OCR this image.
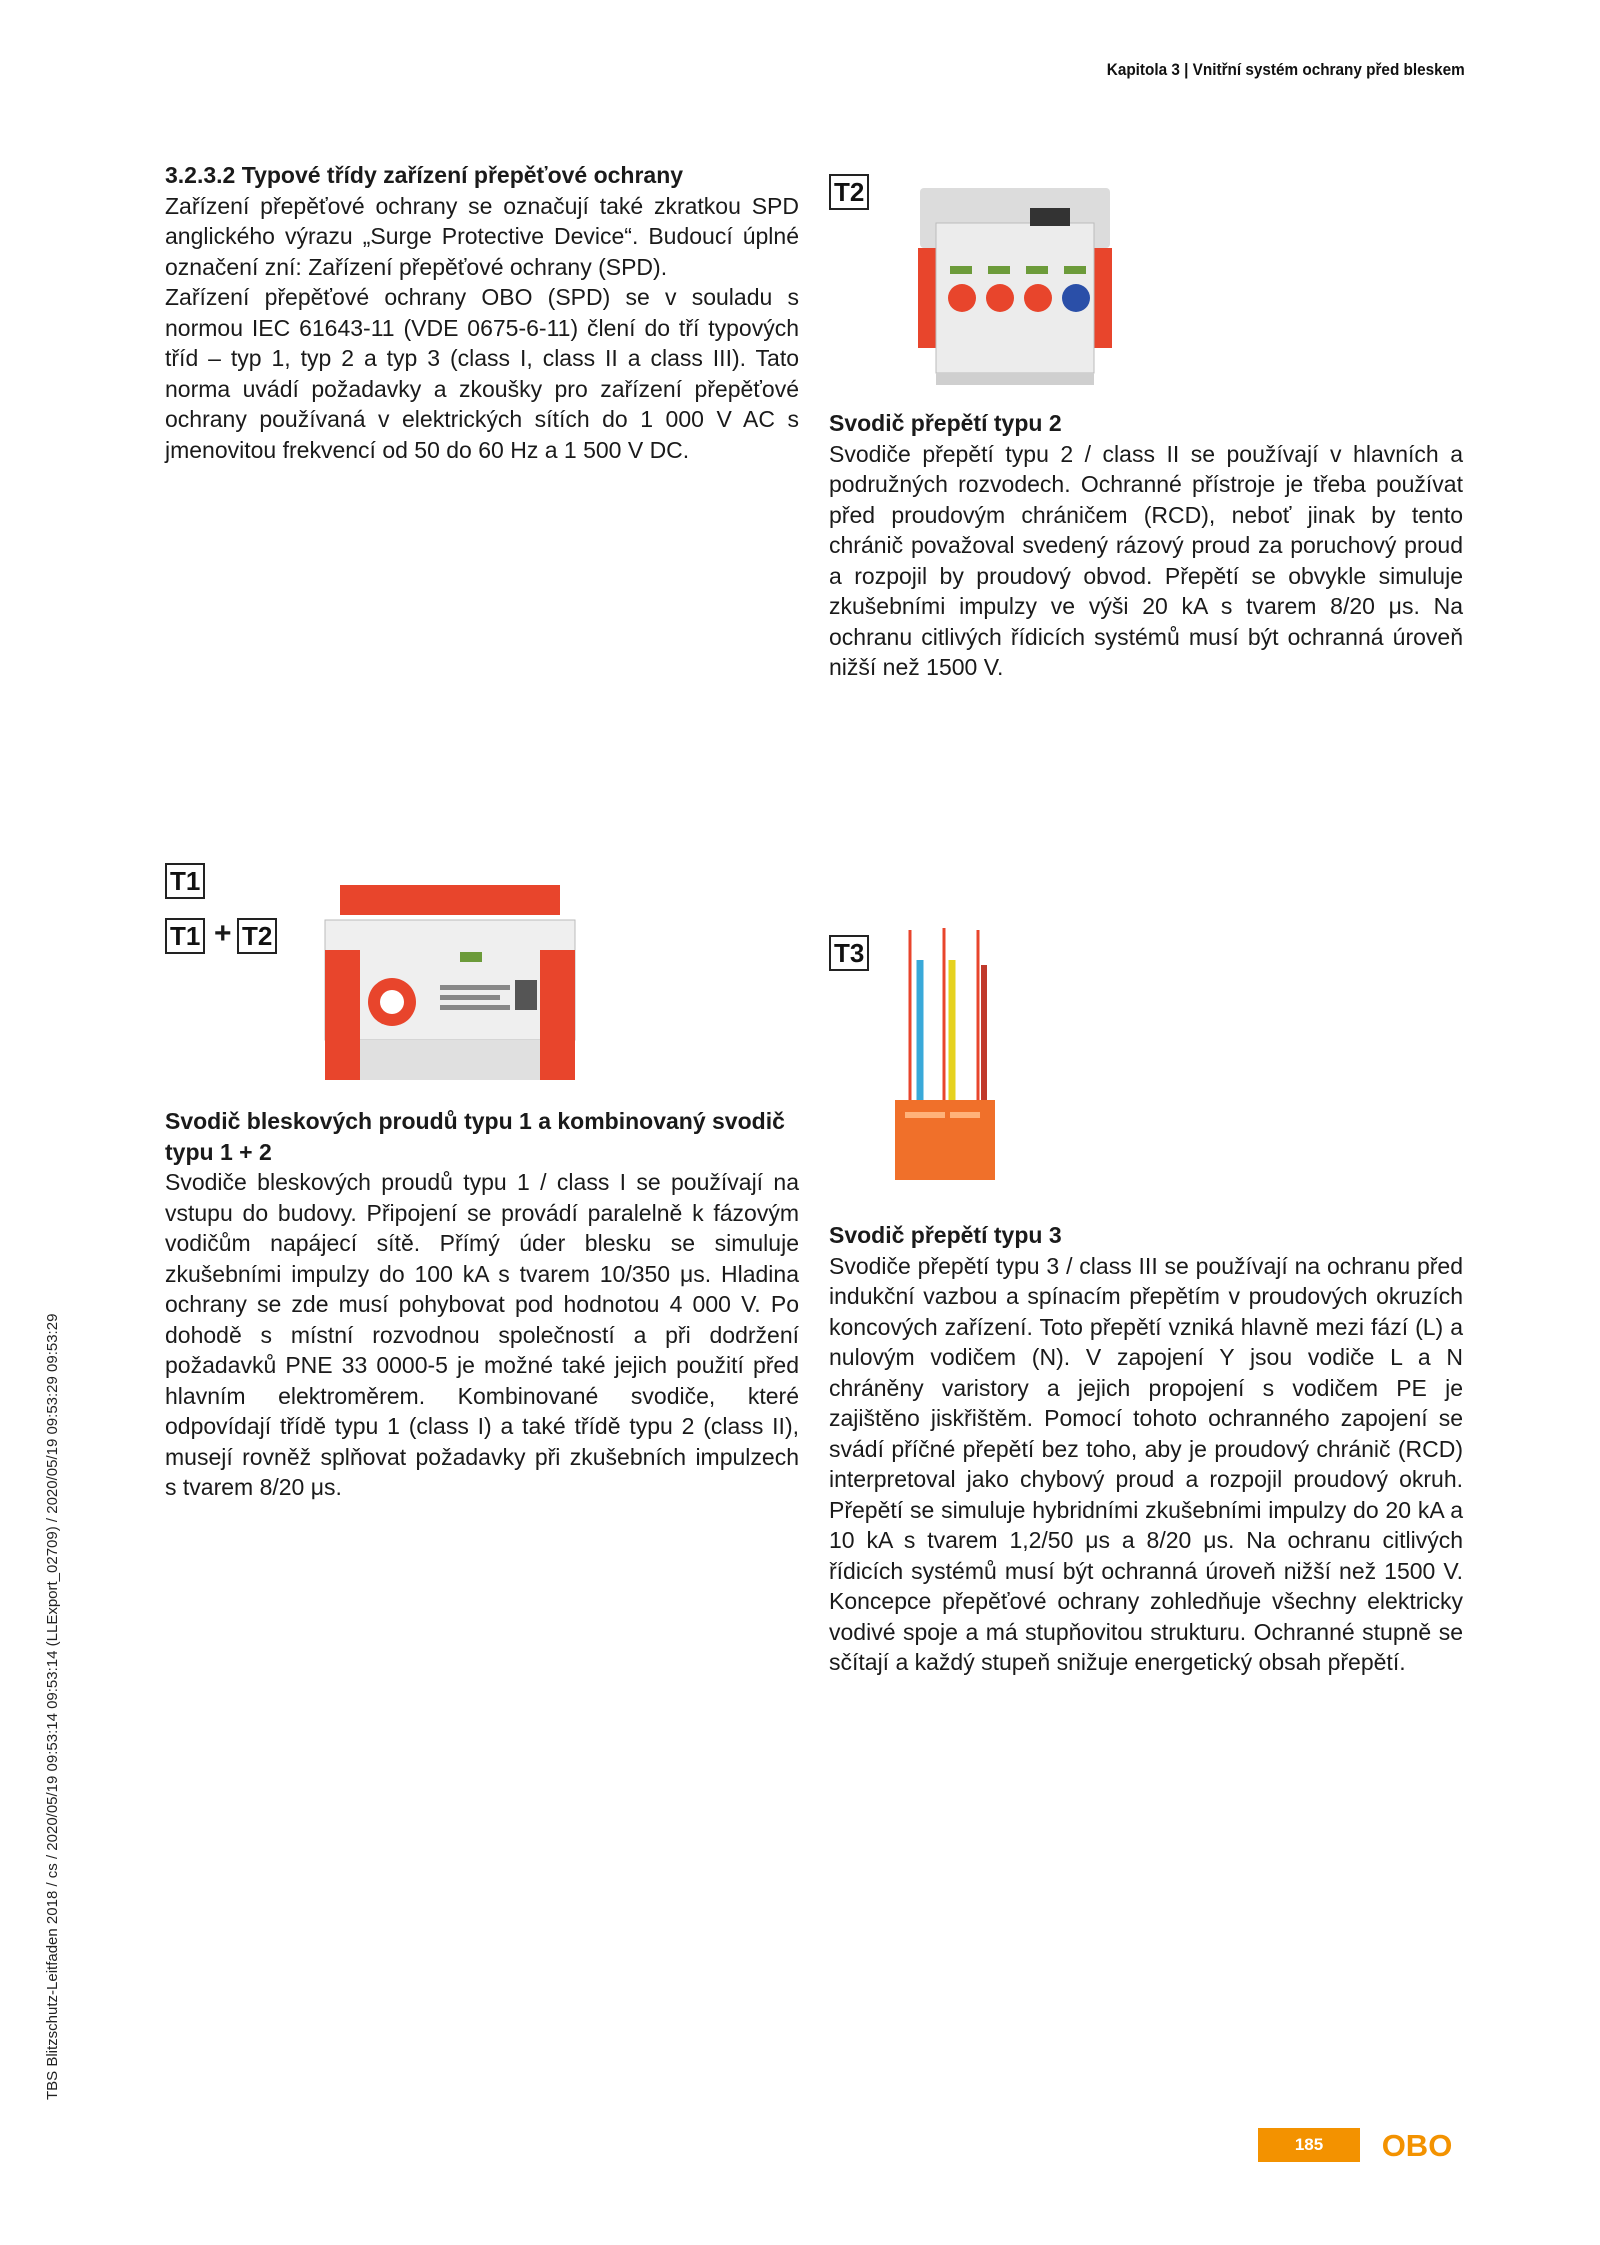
Kapitola 3 | Vnitřní systém ochrany před bleskem
3.2.3.2 Typové třídy zařízení přepěťové ochrany

Zařízení přepěťové ochrany se označují také zkratkou SPD anglického výrazu „Surge Protective Device“. Budoucí úplné označení zní: Zařízení přepěťové ochrany (SPD).

Zařízení přepěťové ochrany OBO (SPD) se v souladu s normou IEC 61643-11 (VDE 0675-6-11) člení do tří typových tříd – typ 1, typ 2 a typ 3 (class I, class II a class III). Tato norma uvádí požadavky a zkoušky pro zařízení přepěťové ochrany používaná v elektrických sítích do 1 000 V AC s jmenovitou frekvencí od 50 do 60 Hz a 1 500 V DC.

T2
Svodič přepětí typu 2

Svodiče přepětí typu 2 / class II se používají v hlavních a podružných rozvodech. Ochranné přístroje je třeba používat před proudovým chráničem (RCD), neboť jinak by tento chránič považoval svedený rázový proud za poruchový proud a rozpojil by proudový obvod. Přepětí se obvykle simuluje zkušebními impulzy ve výši 20 kA s tvarem 8/20 μs. Na ochranu citlivých řídicích systémů musí být ochranná úroveň nižší než 1500 V.

T1
T1 + T2
Svodič bleskových proudů typu 1 a kombinovaný svodič typu 1 + 2

Svodiče bleskových proudů typu 1 / class I se používají na vstupu do budovy. Připojení se provádí paralelně k fázovým vodičům napájecí sítě. Přímý úder blesku se simuluje zkušebními impulzy do 100 kA s tvarem 10/350 μs. Hladina ochrany se zde musí pohybovat pod hodnotou 4 000 V. Po dohodě s místní rozvodnou společností a při dodržení požadavků PNE 33 0000-5 je možné také jejich použití před hlavním elektroměrem. Kombinované svodiče, které odpovídají třídě typu 1 (class I) a také třídě typu 2 (class II), musejí rovněž splňovat požadavky při zkušebních impulzech s tvarem 8/20 μs.

T3
Svodič přepětí typu 3

Svodiče přepětí typu 3 / class III se používají na ochranu před indukční vazbou a spínacím přepětím v proudových okruzích koncových zařízení. Toto přepětí vzniká hlavně mezi fází (L) a nulovým vodičem (N). V zapojení Y jsou vodiče L a N chráněny varistory a jejich propojení s vodičem PE je zajištěno jiskřištěm. Pomocí tohoto ochranného zapojení se svádí příčné přepětí bez toho, aby je proudový chránič (RCD) interpretoval jako chybový proud a rozpojil proudový okruh. Přepětí se simuluje hybridními zkušebními impulzy do 20 kA a 10 kA s tvarem 1,2/50 μs a 8/20 μs. Na ochranu citlivých řídicích systémů musí být ochranná úroveň nižší než 1500 V. Koncepce přepěťové ochrany zohledňuje všechny elektricky vodivé spoje a má stupňovitou strukturu. Ochranné stupně se sčítají a každý stupeň snižuje energetický obsah přepětí.

TBS Blitzschutz-Leitfaden 2018 / cs / 2020/05/19 09:53:14 09:53:14 (LLExport_02709) / 2020/05/19 09:53:29 09:53:29
185	OBO
